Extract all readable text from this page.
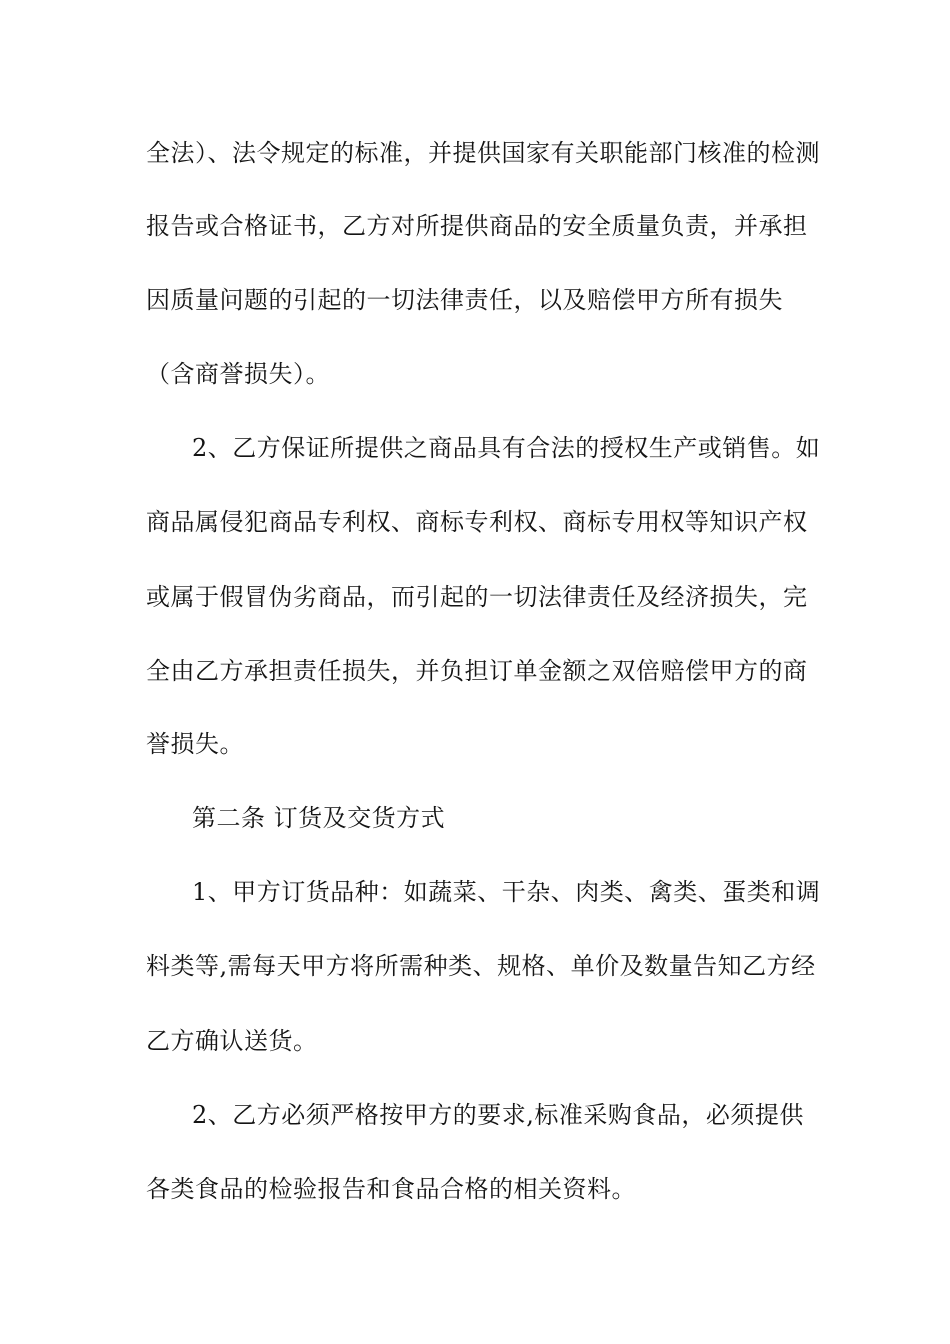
全法）、法令规定的标准，并提供国家有关职能部门核准的检测
报告或合格证书，乙方对所提供商品的安全质量负责，并承担
因质量问题的引起的一切法律责任，以及赔偿甲方所有损失
（含商誉损失）。
2、乙方保证所提供之商品具有合法的授权生产或销售。如
商品属侵犯商品专利权、商标专利权、商标专用权等知识产权
或属于假冒伪劣商品，而引起的一切法律责任及经济损失，完
全由乙方承担责任损失，并负担订单金额之双倍赔偿甲方的商
誉损失。
第二条 订货及交货方式
1、甲方订货品种：如蔬菜、干杂、肉类、禽类、蛋类和调
料类等,需每天甲方将所需种类、规格、单价及数量告知乙方经
乙方确认送货。
2、乙方必须严格按甲方的要求,标准采购食品，必须提供
各类食品的检验报告和食品合格的相关资料。
